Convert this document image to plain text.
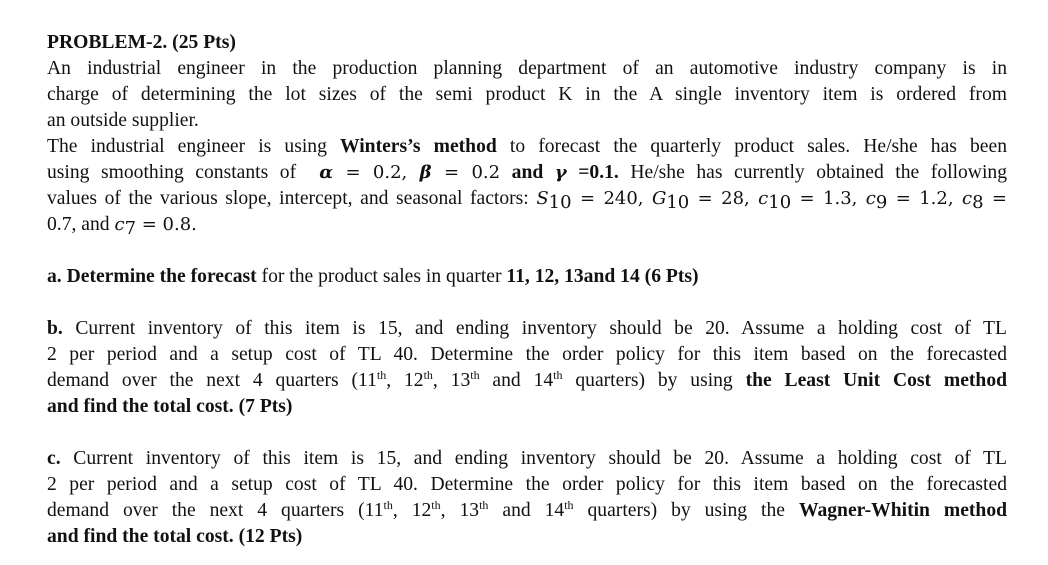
PROBLEM-2. (25 Pts)
An industrial engineer in the production planning department of an automotive industry company is in
charge of determining the lot sizes of the semi product K in the A single inventory item is ordered from
an outside supplier.
The industrial engineer is using Winters’s method to forecast the quarterly product sales. He/she has been
using smoothing constants of α = 0.2, β = 0.2 and γ =0.1. He/she has currently obtained the following
values of the various slope, intercept, and seasonal factors: $S_{10} = 240$, $G_{10} = 28$, $c_{10} = 1.3$, $c_9 = 1.2$, $c_8$ =
0.7, and $c_7 = 0.8$.
a. Determine the forecast for the product sales in quarter 11, 12, 13and 14 (6 Pts)
b. Current inventory of this item is 15, and ending inventory should be 20. Assume a holding cost of TL
2 per period and a setup cost of TL 40. Determine the order policy for this item based on the forecasted
demand over the next 4 quarters (11th, 12th, 13th and 14th quarters) by using the Least Unit Cost method
and find the total cost. (7 Pts)
c. Current inventory of this item is 15, and ending inventory should be 20. Assume a holding cost of TL
2 per period and a setup cost of TL 40. Determine the order policy for this item based on the forecasted
demand over the next 4 quarters (11th, 12th, 13th and 14th quarters) by using the Wagner-Whitin method
and find the total cost. (12 Pts)
